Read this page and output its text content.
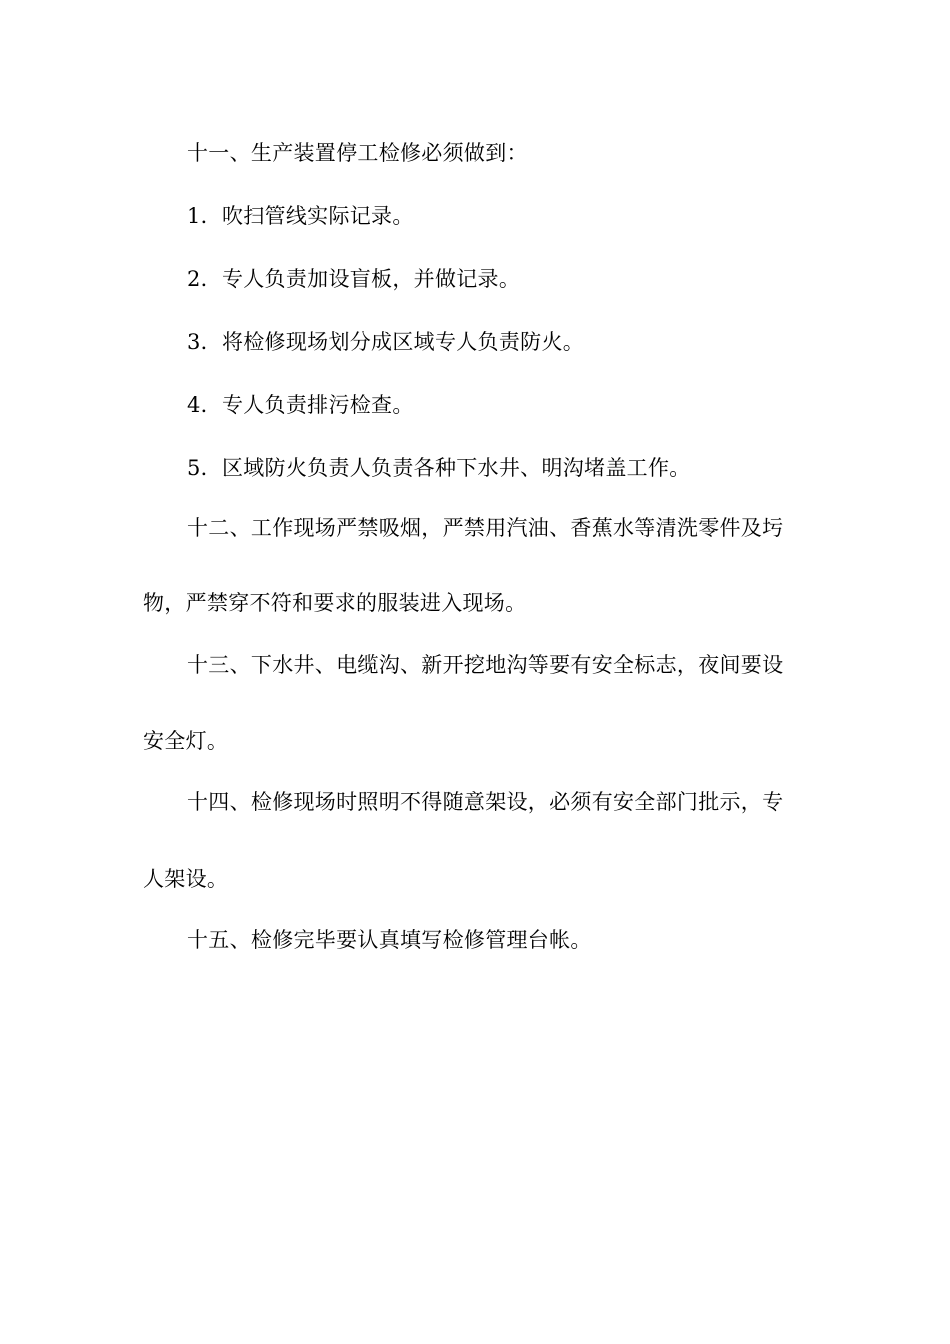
十一、生产装置停工检修必须做到：
1．吹扫管线实际记录。
2．专人负责加设盲板，并做记录。
3．将检修现场划分成区域专人负责防火。
4．专人负责排污检查。
5．区域防火负责人负责各种下水井、明沟堵盖工作。
十二、工作现场严禁吸烟，严禁用汽油、香蕉水等清洗零件及圬
物，严禁穿不符和要求的服装进入现场。
十三、下水井、电缆沟、新开挖地沟等要有安全标志，夜间要设
安全灯。
十四、检修现场时照明不得随意架设，必须有安全部门批示，专
人架设。
十五、检修完毕要认真填写检修管理台帐。
